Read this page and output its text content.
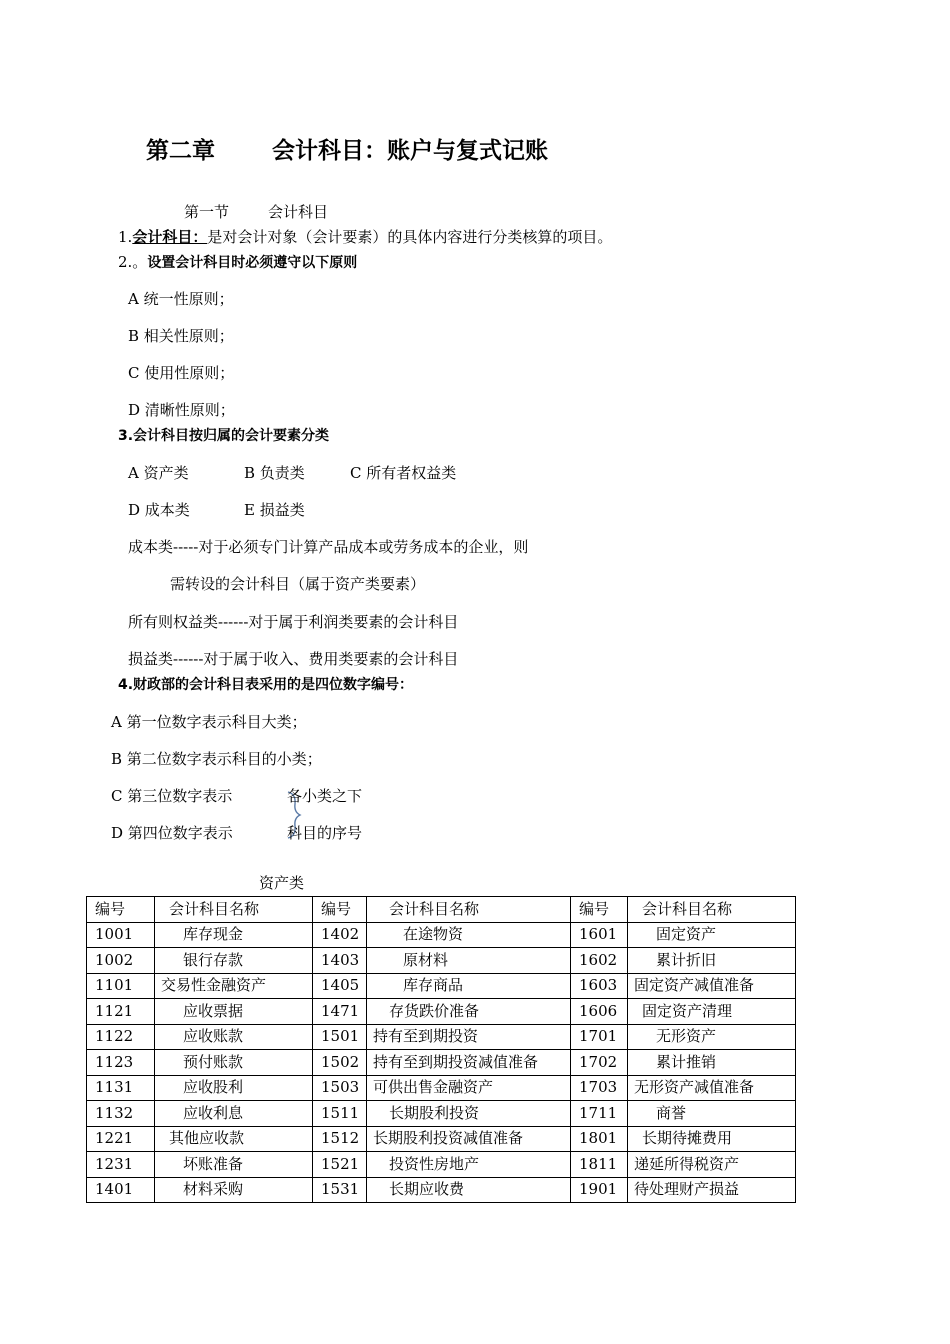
第二章 会计科目：账户与复式记账
第一节	会计科目
1.会计科目：是对会计对象（会计要素）的具体内容进行分类核算的项目。
2.。设置会计科目时必须遵守以下原则
A 统一性原则；
B 相关性原则；
C 使用性原则；
D 清晰性原则；
3.会计科目按归属的会计要素分类
A 资产类	B 负责类	C 所有者权益类
D 成本类	E 损益类
成本类-----对于必须专门计算产品成本或劳务成本的企业，则
需转设的会计科目（属于资产类要素）
所有则权益类------对于属于利润类要素的会计科目
损益类------对于属于收入、费用类要素的会计科目
4.财政部的会计科目表采用的是四位数字编号：
A 第一位数字表示科目大类；
B 第二位数字表示科目的小类；
C 第三位数字表示
D 第四位数字表示
各小类之下
科目的序号
资产类
编号	会计科目名称	编号	会计科目名称	编号	会计科目名称
1001	库存现金	1402	在途物资	1601	固定资产
1002	银行存款	1403	原材料	1602	累计折旧
1101	交易性金融资产	1405	库存商品	1603	固定资产减值准备
1121	应收票据	1471	存货跌价准备	1606	固定资产清理
1122	应收账款	1501	持有至到期投资	1701	无形资产
1123	预付账款	1502	持有至到期投资减值准备	1702	累计推销
1131	应收股利	1503	可供出售金融资产	1703	无形资产减值准备
1132	应收利息	1511	长期股利投资	1711	商誉
1221	其他应收款	1512	长期股利投资减值准备	1801	长期待摊费用
1231	坏账准备	1521	投资性房地产	1811	递延所得税资产
1401	材料采购	1531	长期应收费	1901	待处理财产损益
